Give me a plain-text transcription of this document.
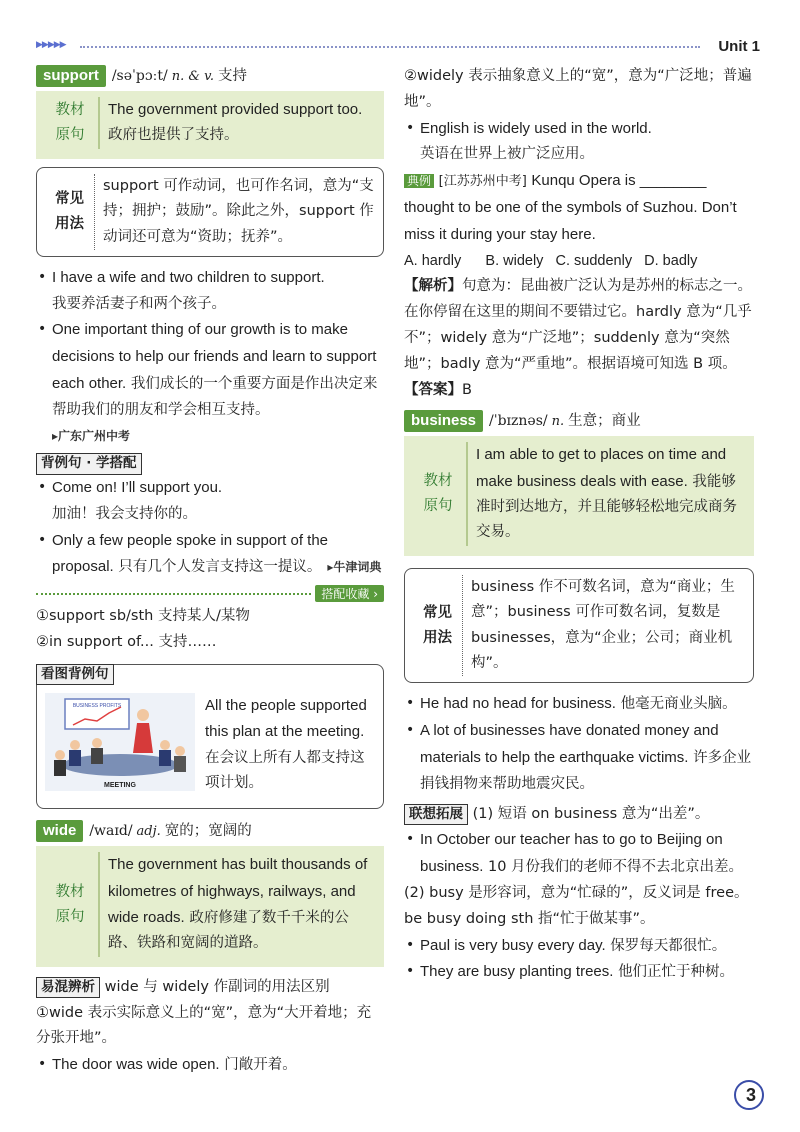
▶▶▶▶▶	Unit 1
support /səˈpɔːt/ n. & v. 支持
教材
原句
The government provided support too. 政府也提供了支持。
常见
用法
support 可作动词，也可作名词，意为“支持；拥护；鼓励”。除此之外，support 作动词还可意为“资助；抚养”。
• I have a wife and two children to support.
我要养活妻子和两个孩子。
• One important thing of our growth is to make decisions to help our friends and learn to support each other. 我们成长的一个重要方面是作出决定来帮助我们的朋友和学会相互支持。
▸广东广州中考
背例句 · 学搭配
• Come on! I’ll support you.
加油！我会支持你的。
• Only a few people spoke in support of the proposal. 只有几个人发言支持这一提议。 ▸牛津词典
搭配收藏 ›
①support sb/sth 支持某人/某物
②in support of... 支持……
看图背例句
BUSINESS PROFITS
MEETING
All the people supported this plan at the meeting. 在会议上所有人都支持这项计划。
wide /waɪd/ adj. 宽的；宽阔的
教材
原句
The government has built thousands of kilometres of highways, railways, and wide roads. 政府修建了数千千米的公路、铁路和宽阔的道路。
易混辨析 wide 与 widely 作副词的用法区别
①wide 表示实际意义上的“宽”，意为“大开着地；充分张开地”。
• The door was wide open. 门敞开着。
②widely 表示抽象意义上的“宽”，意为“广泛地；普遍地”。
• English is widely used in the world.
英语在世界上被广泛应用。
典例 [江苏苏州中考] Kunqu Opera is ________ thought to be one of the symbols of Suzhou. Don’t miss it during your stay here.
A. hardly      B. widely   C. suddenly   D. badly
【解析】句意为：昆曲被广泛认为是苏州的标志之一。在你停留在这里的期间不要错过它。hardly 意为“几乎不”；widely 意为“广泛地”；suddenly 意为“突然地”；badly 意为“严重地”。根据语境可知选 B 项。
【答案】B
business /ˈbɪznəs/ n. 生意；商业
教材
原句
I am able to get to places on time and make business deals with ease. 我能够准时到达地方，并且能够轻松地完成商务交易。
常见
用法
business 作不可数名词，意为“商业；生意”；business 可作可数名词，复数是 businesses，意为“企业；公司；商业机构”。
• He had no head for business. 他毫无商业头脑。
• A lot of businesses have donated money and materials to help the earthquake victims. 许多企业捐钱捐物来帮助地震灾民。
联想拓展 (1) 短语 on business 意为“出差”。
• In October our teacher has to go to Beijing on business. 10 月份我们的老师不得不去北京出差。
(2) busy 是形容词，意为“忙碌的”，反义词是 free。be busy doing sth 指“忙于做某事”。
• Paul is very busy every day. 保罗每天都很忙。
• They are busy planting trees. 他们正忙于种树。
3
